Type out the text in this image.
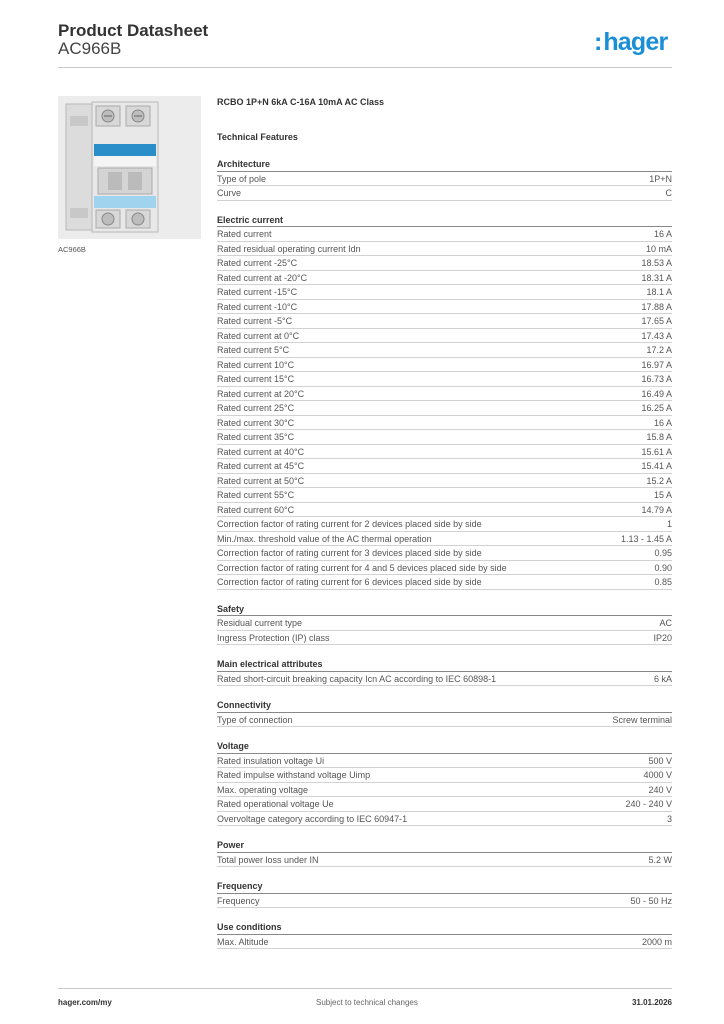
Product Datasheet
AC966B	:hager
AC966B
RCBO 1P+N 6kA C-16A 10mA AC Class
Technical Features
Architecture
Type of pole	1P+N
Curve	C
Electric current
Rated current	16 A
Rated residual operating current Idn	10 mA
Rated current -25°C	18.53 A
Rated current at -20°C	18.31 A
Rated current -15°C	18.1 A
Rated current -10°C	17.88 A
Rated current -5°C	17.65 A
Rated current at 0°C	17.43 A
Rated current 5°C	17.2 A
Rated current 10°C	16.97 A
Rated current 15°C	16.73 A
Rated current at 20°C	16.49 A
Rated current 25°C	16.25 A
Rated current 30°C	16 A
Rated current 35°C	15.8 A
Rated current at 40°C	15.61 A
Rated current at 45°C	15.41 A
Rated current at 50°C	15.2 A
Rated current 55°C	15 A
Rated current 60°C	14.79 A
Correction factor of rating current for 2 devices placed side by side	1
Min./max. threshold value of the AC thermal operation	1.13 - 1.45 A
Correction factor of rating current for 3 devices placed side by side	0.95
Correction factor of rating current for 4 and 5 devices placed side by side	0.90
Correction factor of rating current for 6 devices placed side by side	0.85
Safety
Residual current type	AC
Ingress Protection (IP) class	IP20
Main electrical attributes
Rated short-circuit breaking capacity Icn AC according to IEC 60898-1	6 kA
Connectivity
Type of connection	Screw terminal
Voltage
Rated insulation voltage Ui	500 V
Rated impulse withstand voltage Uimp	4000 V
Max. operating voltage	240 V
Rated operational voltage Ue	240 - 240 V
Overvoltage category according to IEC 60947-1	3
Power
Total power loss under IN	5.2 W
Frequency
Frequency	50 - 50 Hz
Use conditions
Max. Altitude	2000 m
hager.com/my	Subject to technical changes	31.01.2026
